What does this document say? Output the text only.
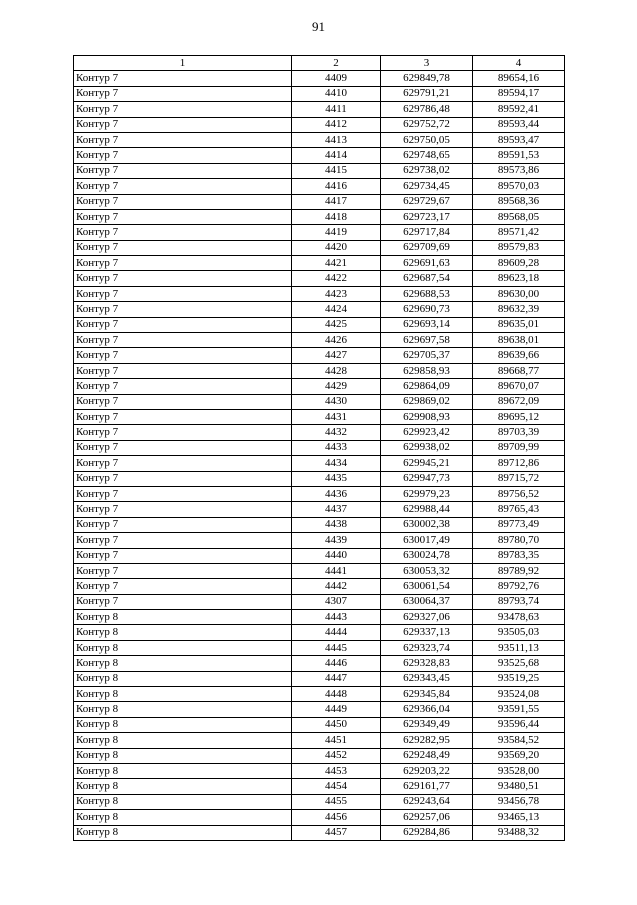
91
1	2	3	4
Контур 7	4409	629849,78	89654,16
Контур 7	4410	629791,21	89594,17
Контур 7	4411	629786,48	89592,41
Контур 7	4412	629752,72	89593,44
Контур 7	4413	629750,05	89593,47
Контур 7	4414	629748,65	89591,53
Контур 7	4415	629738,02	89573,86
Контур 7	4416	629734,45	89570,03
Контур 7	4417	629729,67	89568,36
Контур 7	4418	629723,17	89568,05
Контур 7	4419	629717,84	89571,42
Контур 7	4420	629709,69	89579,83
Контур 7	4421	629691,63	89609,28
Контур 7	4422	629687,54	89623,18
Контур 7	4423	629688,53	89630,00
Контур 7	4424	629690,73	89632,39
Контур 7	4425	629693,14	89635,01
Контур 7	4426	629697,58	89638,01
Контур 7	4427	629705,37	89639,66
Контур 7	4428	629858,93	89668,77
Контур 7	4429	629864,09	89670,07
Контур 7	4430	629869,02	89672,09
Контур 7	4431	629908,93	89695,12
Контур 7	4432	629923,42	89703,39
Контур 7	4433	629938,02	89709,99
Контур 7	4434	629945,21	89712,86
Контур 7	4435	629947,73	89715,72
Контур 7	4436	629979,23	89756,52
Контур 7	4437	629988,44	89765,43
Контур 7	4438	630002,38	89773,49
Контур 7	4439	630017,49	89780,70
Контур 7	4440	630024,78	89783,35
Контур 7	4441	630053,32	89789,92
Контур 7	4442	630061,54	89792,76
Контур 7	4307	630064,37	89793,74
Контур 8	4443	629327,06	93478,63
Контур 8	4444	629337,13	93505,03
Контур 8	4445	629323,74	93511,13
Контур 8	4446	629328,83	93525,68
Контур 8	4447	629343,45	93519,25
Контур 8	4448	629345,84	93524,08
Контур 8	4449	629366,04	93591,55
Контур 8	4450	629349,49	93596,44
Контур 8	4451	629282,95	93584,52
Контур 8	4452	629248,49	93569,20
Контур 8	4453	629203,22	93528,00
Контур 8	4454	629161,77	93480,51
Контур 8	4455	629243,64	93456,78
Контур 8	4456	629257,06	93465,13
Контур 8	4457	629284,86	93488,32
